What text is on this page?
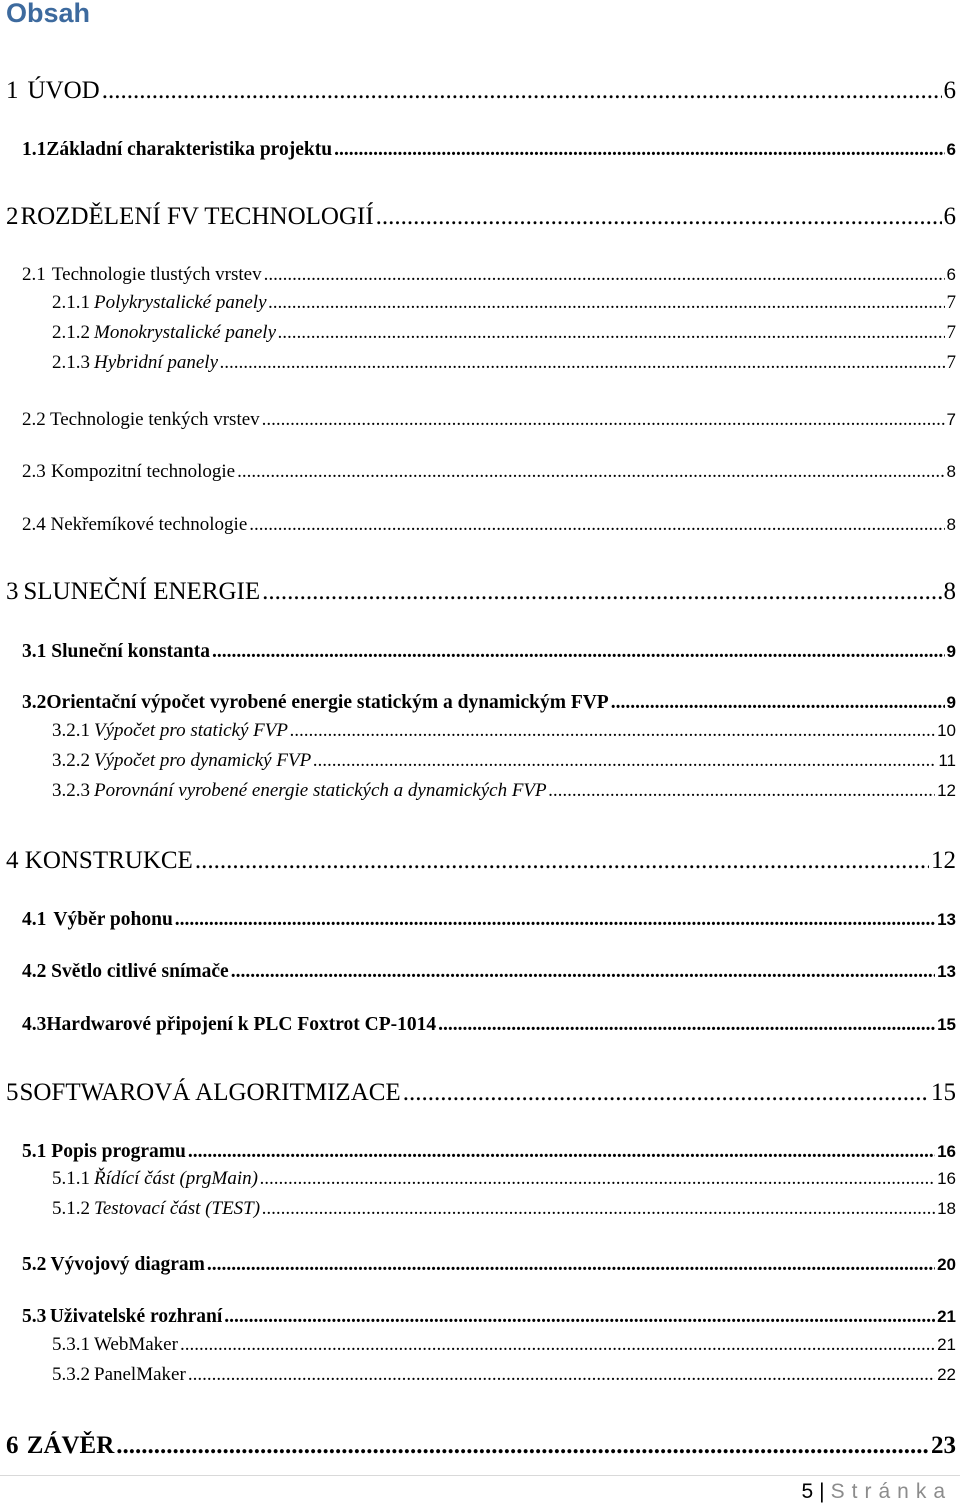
Obsah
1 ÚVOD .....	6
1.1 Základní charakteristika projektu .....	6
2 ROZDĚLENÍ FV TECHNOLOGIÍ .....	6
2.1 Technologie tlustých vrstev .....	6
2.1.1 Polykrystalické panely .....	7
2.1.2 Monokrystalické panely .....	7
2.1.3 Hybridní panely .....	7
2.2 Technologie tenkých vrstev .....	7
2.3 Kompozitní technologie .....	8
2.4 Nekřemíkové technologie .....	8
3 SLUNEČNÍ ENERGIE .....	8
3.1 Sluneční konstanta .....	9
3.2 Orientační výpočet vyrobené energie statickým a dynamickým FVP .....	9
3.2.1 Výpočet pro statický FVP .....	10
3.2.2 Výpočet pro dynamický FVP .....	11
3.2.3 Porovnání vyrobené energie statických a dynamických FVP .....	12
4 KONSTRUKCE .....	12
4.1 Výběr pohonu .....	13
4.2 Světlo citlivé snímače .....	13
4.3 Hardwarové připojení k PLC Foxtrot CP-1014 .....	15
5 SOFTWAROVÁ ALGORITMIZACE .....	15
5.1 Popis programu .....	16
5.1.1 Řídící část (prgMain) .....	16
5.1.2 Testovací část (TEST) .....	18
5.2 Vývojový diagram .....	20
5.3 Uživatelské rozhraní .....	21
5.3.1 WebMaker .....	21
5.3.2 PanelMaker .....	22
6 ZÁVĚR .....	23
5 | Stránka
